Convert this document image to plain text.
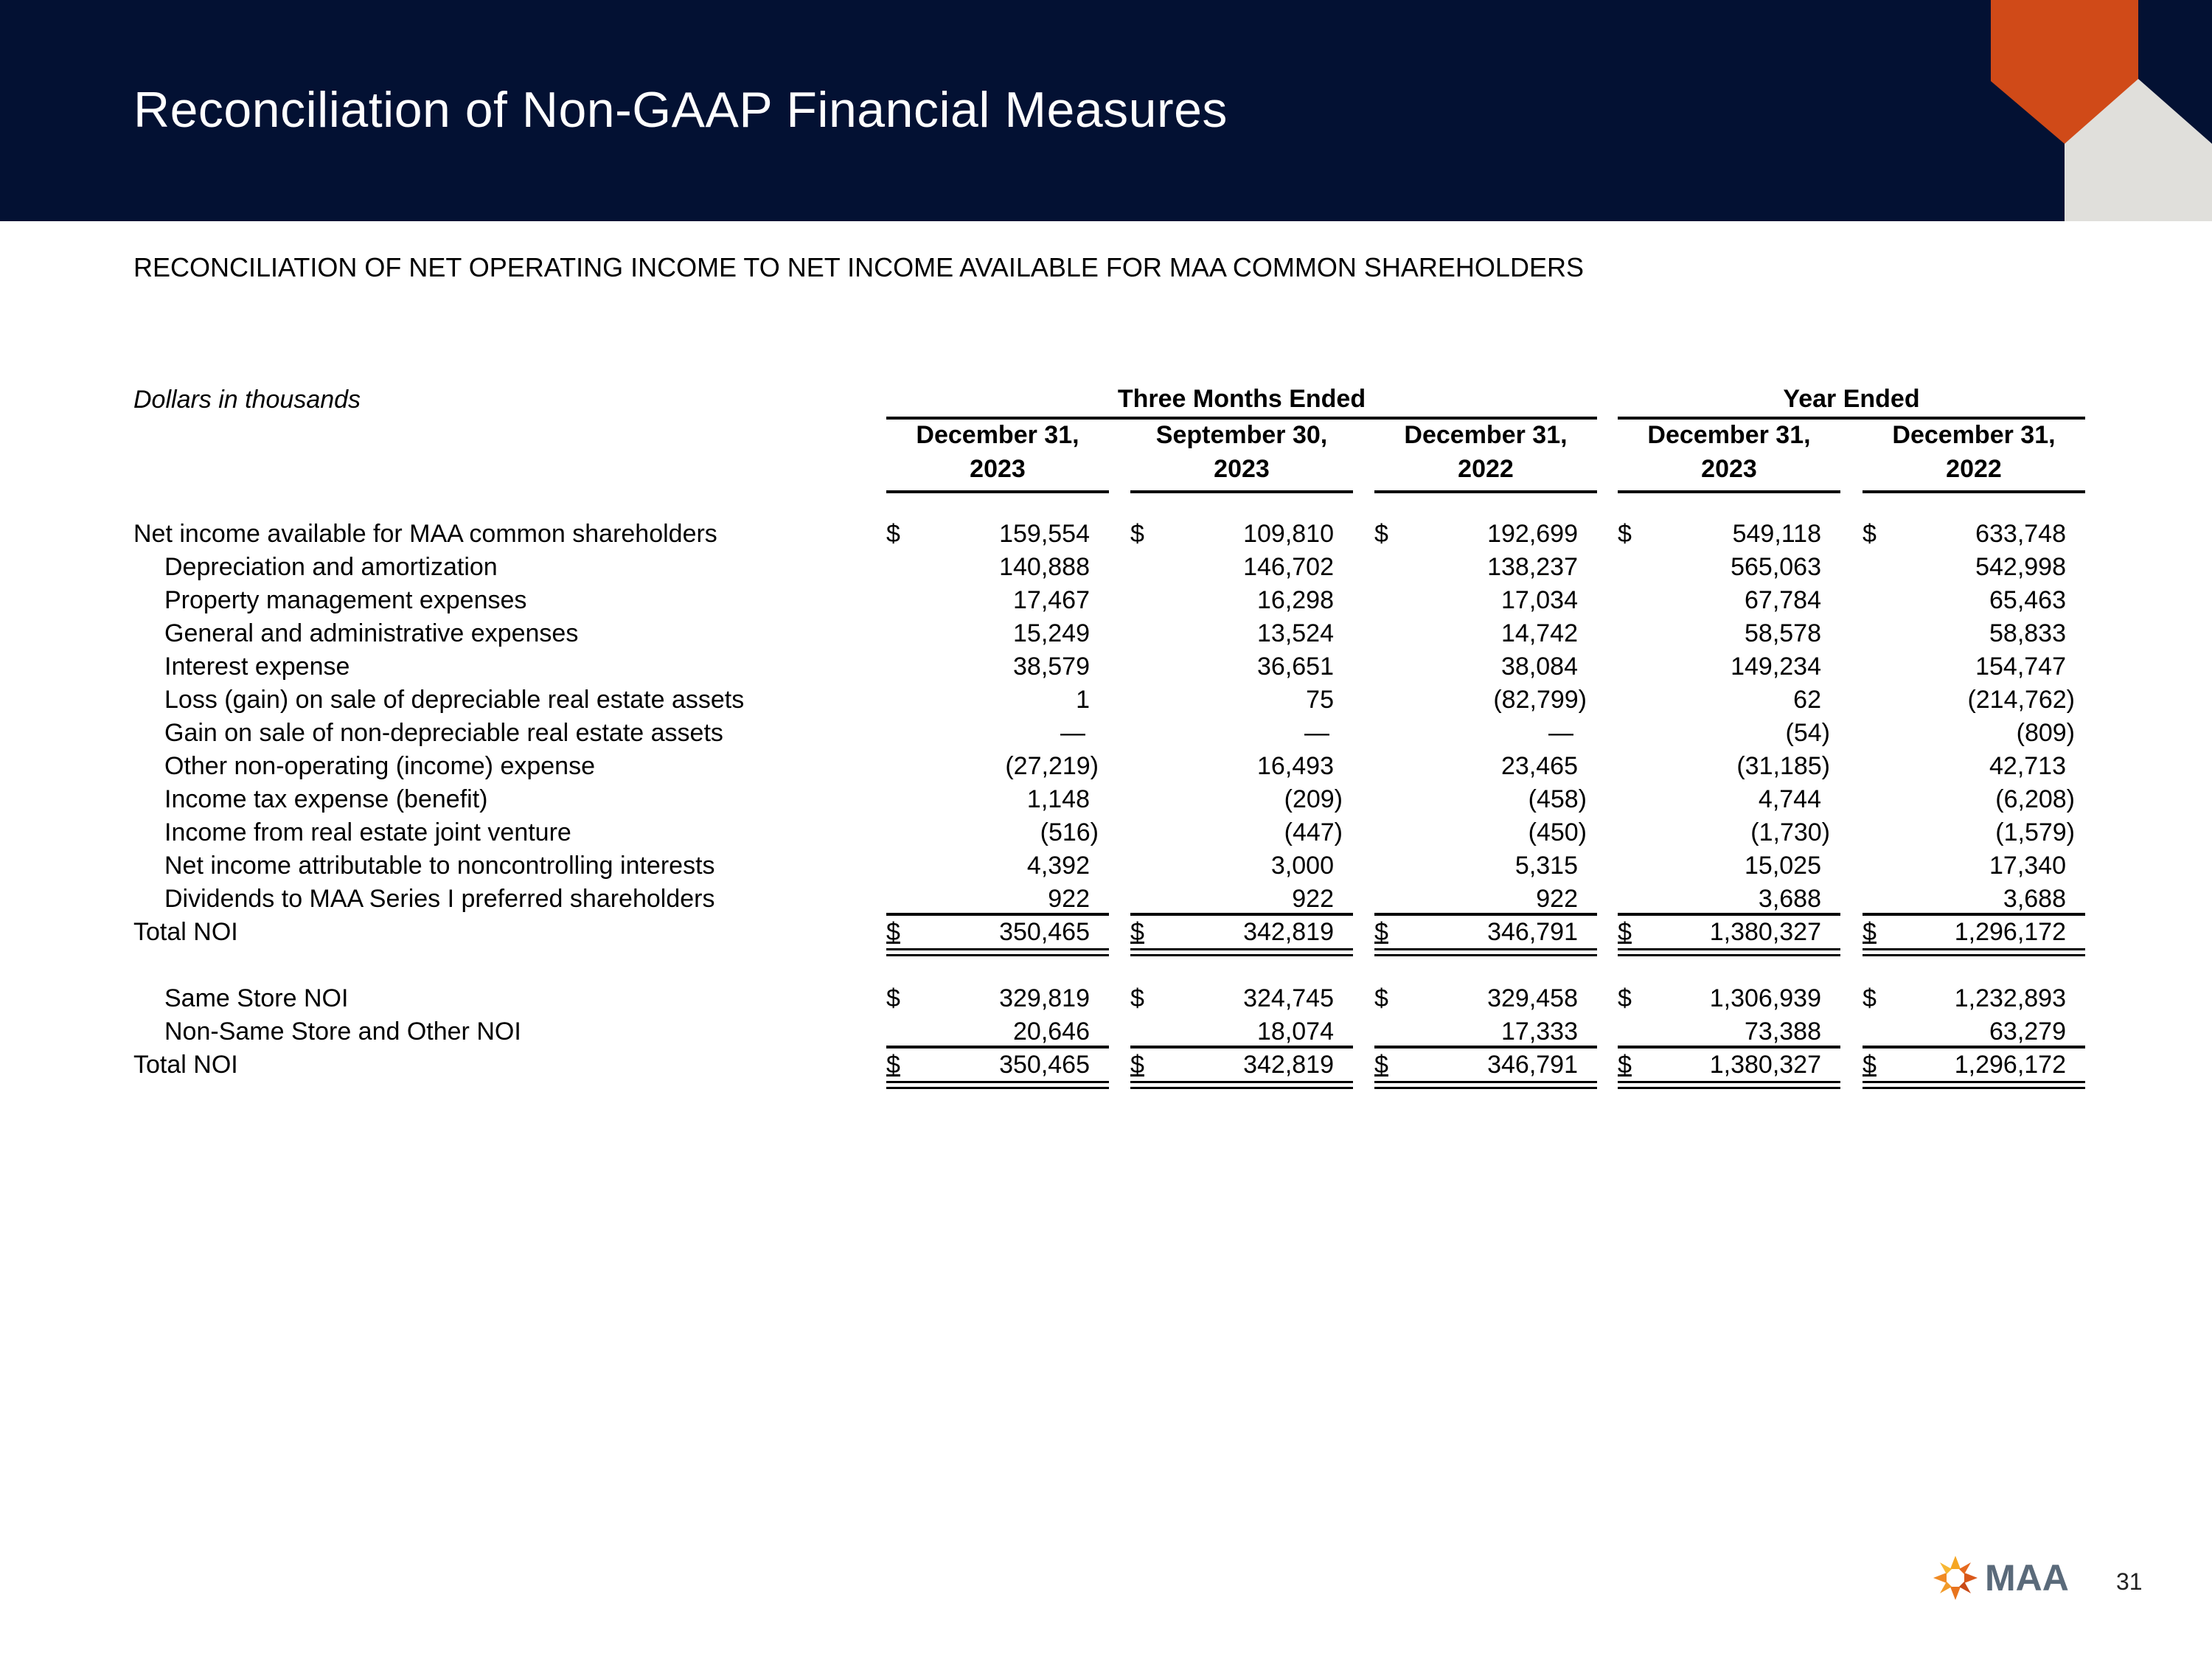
Reconciliation of Non-GAAP Financial Measures
RECONCILIATION OF NET OPERATING INCOME TO NET INCOME AVAILABLE FOR MAA COMMON SHAREHOLDERS
Dollars in thousands	Three Months Ended	Year Ended
December 31,
2023
September 30,
2023
December 31,
2022
December 31,
2023
December 31,
2022
Net income available for MAA common shareholders	$	159,554 $	109,810 $	192,699 $	549,118 $	633,748
Depreciation and amortization	140,888	146,702	138,237	565,063	542,998
Property management expenses	17,467	16,298	17,034	67,784	65,463
General and administrative expenses	15,249	13,524	14,742	58,578	58,833
Interest expense	38,579	36,651	38,084	149,234	154,747
Loss (gain) on sale of depreciable real estate assets	1	75	(82,799)	62	(214,762)
Gain on sale of non-depreciable real estate assets	—	—	—	(54)	(809)
Other non-operating (income) expense	(27,219)	16,493	23,465	(31,185)	42,713
Income tax expense (benefit)	1,148	(209)	(458)	4,744	(6,208)
Income from real estate joint venture	(516)	(447)	(450)	(1,730)	(1,579)
Net income attributable to noncontrolling interests	4,392	3,000	5,315	15,025	17,340
Dividends to MAA Series I preferred shareholders	922	922	922	3,688	3,688
Total NOI	$	350,465 $	342,819 $	346,791 $	1,380,327 $	1,296,172
Same Store NOI	$	329,819 $	324,745 $	329,458 $	1,306,939 $	1,232,893
Non-Same Store and Other NOI	20,646	18,074	17,333	73,388	63,279
Total NOI	$	350,465 $	342,819 $	346,791 $	1,380,327 $	1,296,172
MAA 31
